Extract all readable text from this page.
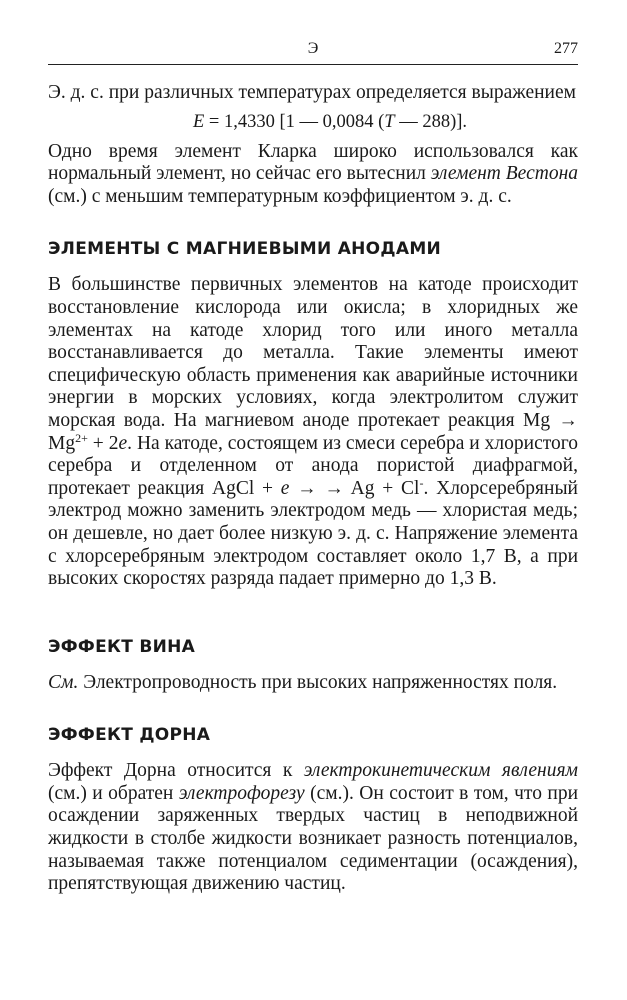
Э	277

Э. д. с. при различных температурах определяется выражением

E = 1,4330 [1 — 0,0084 (T — 288)].

Одно время элемент Кларка широко использовался как нормальный элемент, но сейчас его вытеснил элемент Вестона (см.) с меньшим температурным коэффициентом э. д. с.

ЭЛЕМЕНТЫ С МАГНИЕВЫМИ АНОДАМИ

В большинстве первичных элементов на катоде происходит восстановление кислорода или окисла; в хлоридных же элементах на катоде хлорид того или иного металла восстанавливается до металла. Такие элементы имеют специфическую область применения как аварийные источники энергии в морских условиях, когда электролитом служит морская вода. На магниевом аноде протекает реакция $Mg \to Mg^{2+} + 2e$. На катоде, состоящем из смеси серебра и хлористого серебра и отделенном от анода пористой диафрагмой, протекает реакция AgCl + e → → Ag + Cl-. Хлорсеребряный электрод можно заменить электродом медь — хлористая медь; он дешевле, но дает более низкую э. д. с. Напряжение элемента с хлорсеребряным электродом составляет около 1,7 В, а при высоких скоростях разряда падает примерно до 1,3 В.

ЭФФЕКТ ВИНА

См. Электропроводность при высоких напряженностях поля.

ЭФФЕКТ ДОРНА

Эффект Дорна относится к электрокинетическим явлениям (см.) и обратен электрофорезу (см.). Он состоит в том, что при осаждении заряженных твердых частиц в неподвижной жидкости в столбе жидкости возникает разность потенциалов, называемая также потенциалом седиментации (осаждения), препятствующая движению частиц.
